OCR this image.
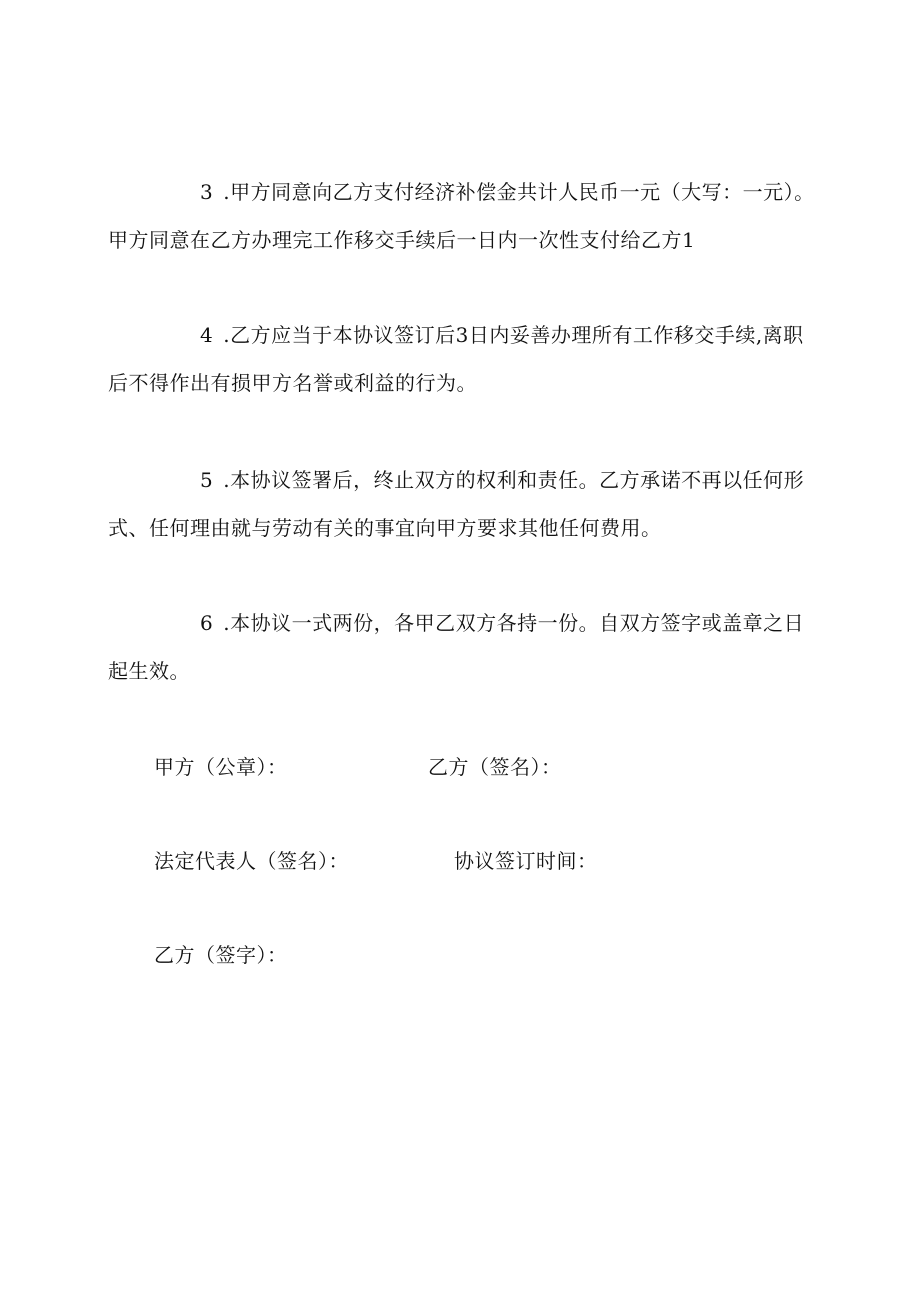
3 .甲方同意向乙方支付经济补偿金共计人民币一元（大写：一元）。甲方同意在乙方办理完工作移交手续后一日内一次性支付给乙方1

4 .乙方应当于本协议签订后3日内妥善办理所有工作移交手续,离职后不得作出有损甲方名誉或利益的行为。

5 .本协议签署后，终止双方的权利和责任。乙方承诺不再以任何形式、任何理由就与劳动有关的事宜向甲方要求其他任何费用。

6 .本协议一式两份，各甲乙双方各持一份。自双方签字或盖章之日起生效。

甲方（公章）：	乙方（签名）：

法定代表人（签名）：	协议签订时间：

乙方（签字）：
